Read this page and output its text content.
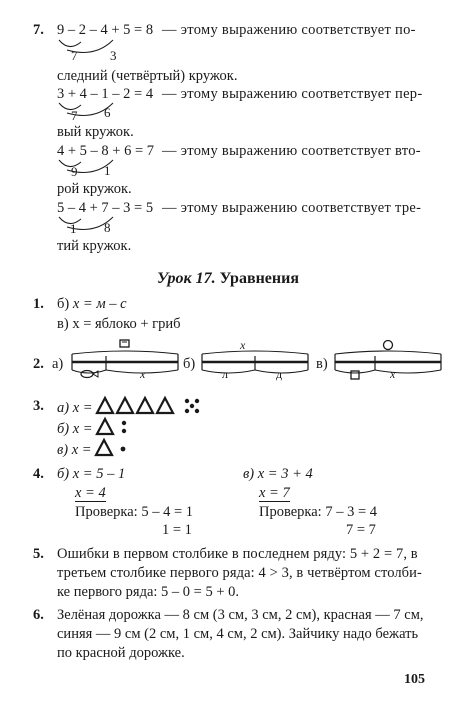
7. 9 – 2 – 4 + 5 = 8 — этому выражению соответствует по-
7	3
следний (четвёртый) кружок.
3 + 4 – 1 – 2 = 4 — этому выражению соответствует пер-
7 6
вый кружок.
4 + 5 – 8 + 6 = 7 — этому выражению соответствует вто-
9 1
рой кружок.
5 – 4 + 7 – 3 = 5 — этому выражению соответствует тре-
1 8
тий кружок.
Урок 17. Уравнения
1. б) x = м – с
в) x = яблоко + гриб
2. а)
x
б)
x
л	д
в)
x
3. а) x =
б) x =
в) x =
4. б) x = 5 – 1
x = 4
Проверка: 5 – 4 = 1
1 = 1
в) x = 3 + 4
x = 7
Проверка: 7 – 3 = 4
7 = 7
5. Ошибки в первом столбике в последнем ряду: 5 + 2 = 7, в
третьем столбике первого ряда: 4 > 3, в четвёртом столби-
ке первого ряда: 5 – 0 = 5 + 0.
6. Зелёная дорожка — 8 см (3 см, 3 см, 2 см), красная — 7 см,
синяя — 9 см (2 см, 1 см, 4 см, 2 см). Зайчику надо бежать
по красной дорожке.
105
